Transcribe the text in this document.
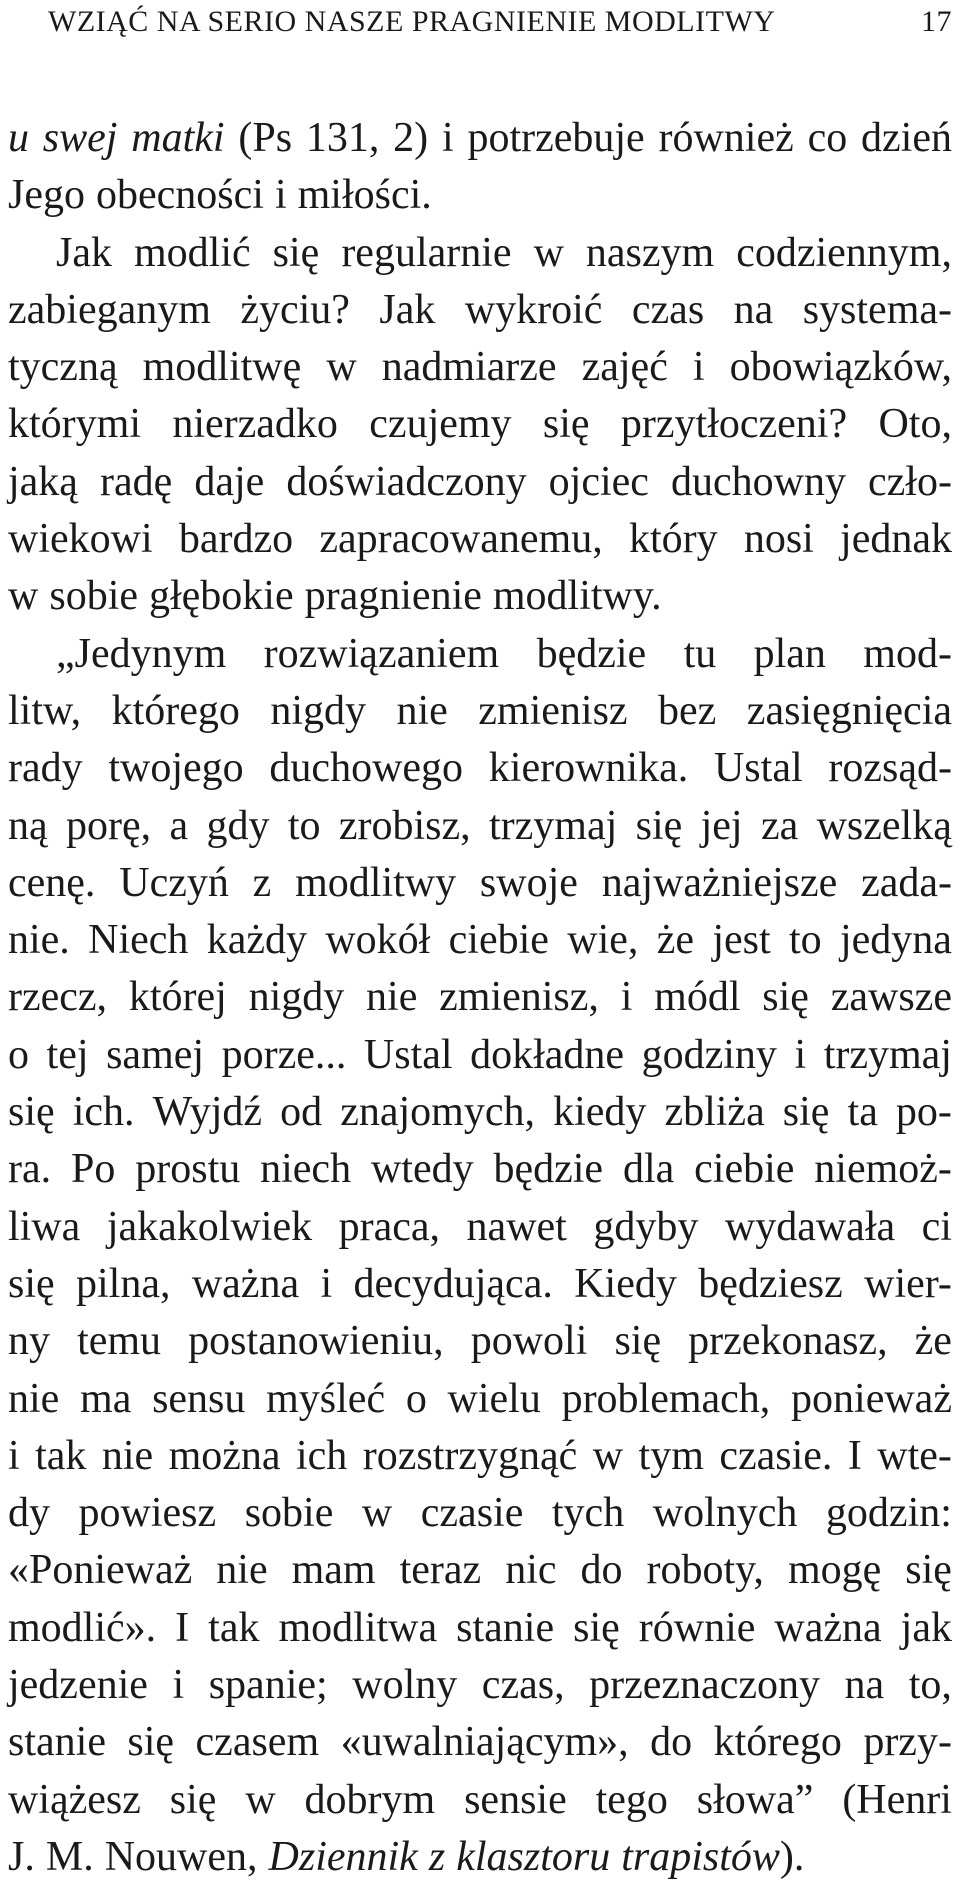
WZIĄĆ NA SERIO NASZE PRAGNIENIE MODLITWY	17
u swej matki (Ps 131, 2) i potrzebuje również co dzień
Jego obecności i miłości.
Jak modlić się regularnie w naszym codziennym,
zabieganym życiu? Jak wykroić czas na systema-
tyczną modlitwę w nadmiarze zajęć i obowiązków,
którymi nierzadko czujemy się przytłoczeni? Oto,
jaką radę daje doświadczony ojciec duchowny czło-
wiekowi bardzo zapracowanemu, który nosi jednak
w sobie głębokie pragnienie modlitwy.
„Jedynym rozwiązaniem będzie tu plan mod-
litw, którego nigdy nie zmienisz bez zasięgnięcia
rady twojego duchowego kierownika. Ustal rozsąd-
ną porę, a gdy to zrobisz, trzymaj się jej za wszelką
cenę. Uczyń z modlitwy swoje najważniejsze zada-
nie. Niech każdy wokół ciebie wie, że jest to jedyna
rzecz, której nigdy nie zmienisz, i módl się zawsze
o tej samej porze... Ustal dokładne godziny i trzymaj
się ich. Wyjdź od znajomych, kiedy zbliża się ta po-
ra. Po prostu niech wtedy będzie dla ciebie niemoż-
liwa jakakolwiek praca, nawet gdyby wydawała ci
się pilna, ważna i decydująca. Kiedy będziesz wier-
ny temu postanowieniu, powoli się przekonasz, że
nie ma sensu myśleć o wielu problemach, ponieważ
i tak nie można ich rozstrzygnąć w tym czasie. I wte-
dy powiesz sobie w czasie tych wolnych godzin:
«Ponieważ nie mam teraz nic do roboty, mogę się
modlić». I tak modlitwa stanie się równie ważna jak
jedzenie i spanie; wolny czas, przeznaczony na to,
stanie się czasem «uwalniającym», do którego przy-
wiążesz się w dobrym sensie tego słowa” (Henri
J. M. Nouwen, Dziennik z klasztoru trapistów).
